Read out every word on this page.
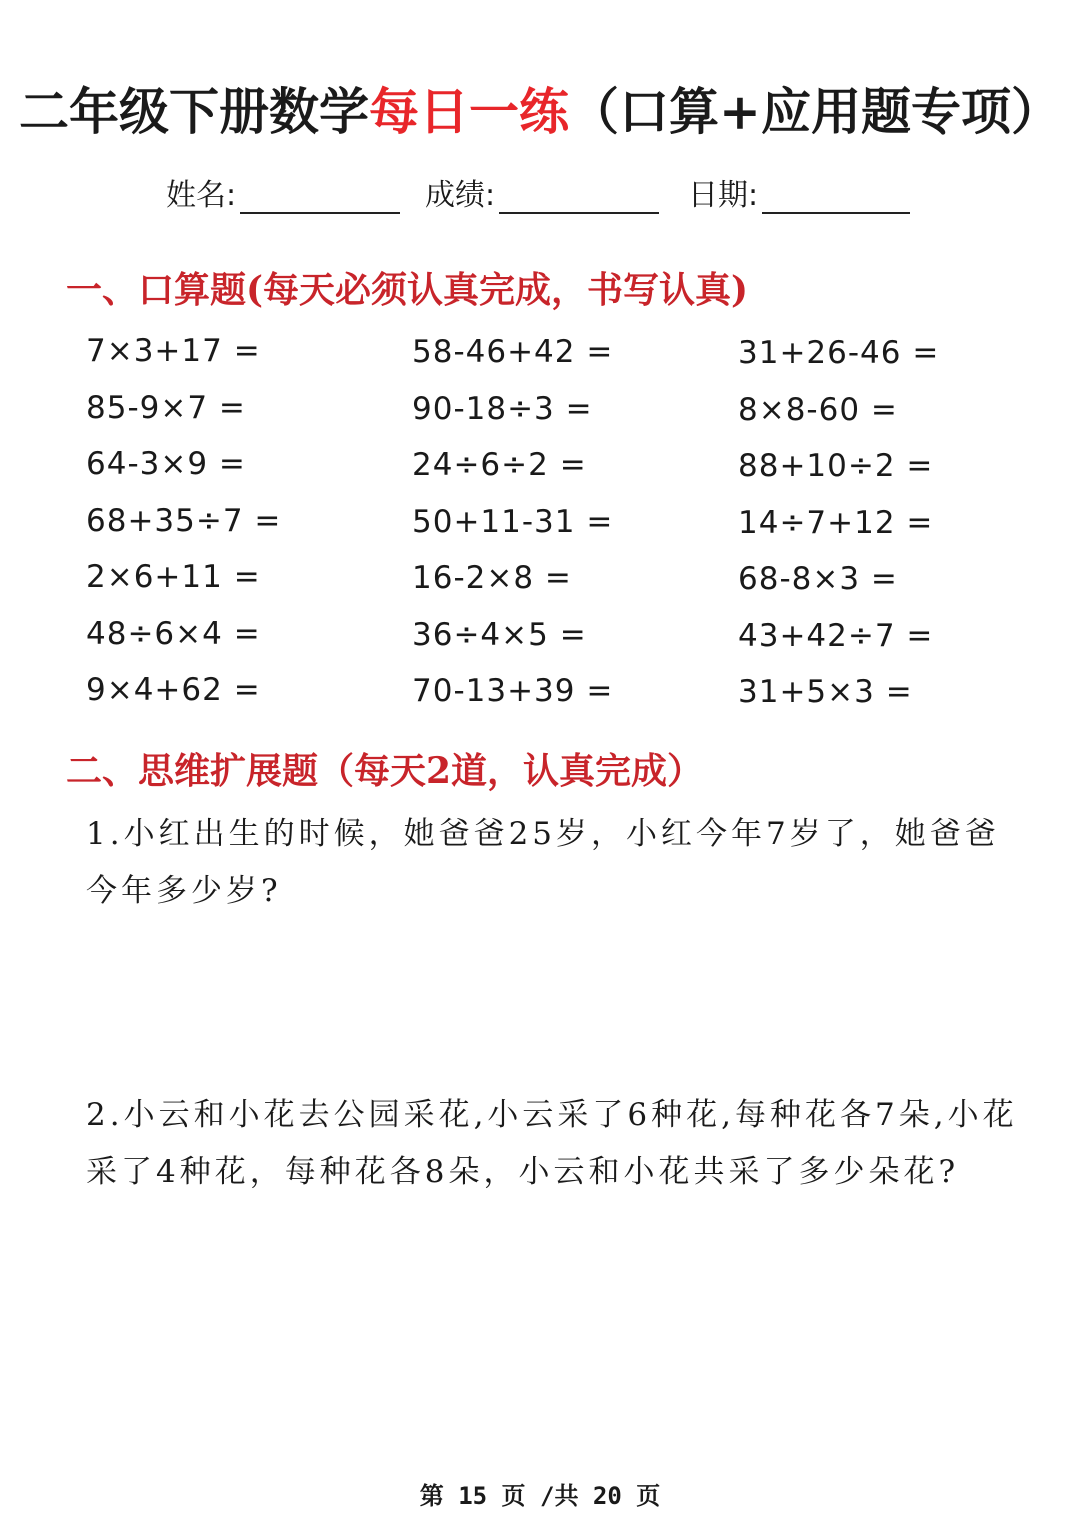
二年级下册数学每日一练（口算+应用题专项）
姓名:	成绩:	日期:
一、口算题(每天必须认真完成，书写认真)
7×3+17 =
85-9×7 =
64-3×9 =
68+35÷7 =
2×6+11 =
48÷6×4 =
9×4+62 =
58-46+42 =
90-18÷3 =
24÷6÷2 =
50+11-31 =
16-2×8 =
36÷4×5 =
70-13+39 =
31+26-46 =
8×8-60 =
88+10÷2 =
14÷7+12 =
68-8×3 =
43+42÷7 =
31+5×3 =
二、思维扩展题（每天2道，认真完成）
1.小红出生的时候，她爸爸25岁，小红今年7岁了，她爸爸今年多少岁?
2.小云和小花去公园采花,小云采了6种花,每种花各7朵,小花采了4种花，每种花各8朵，小云和小花共采了多少朵花?
第 15 页 /共 20 页
